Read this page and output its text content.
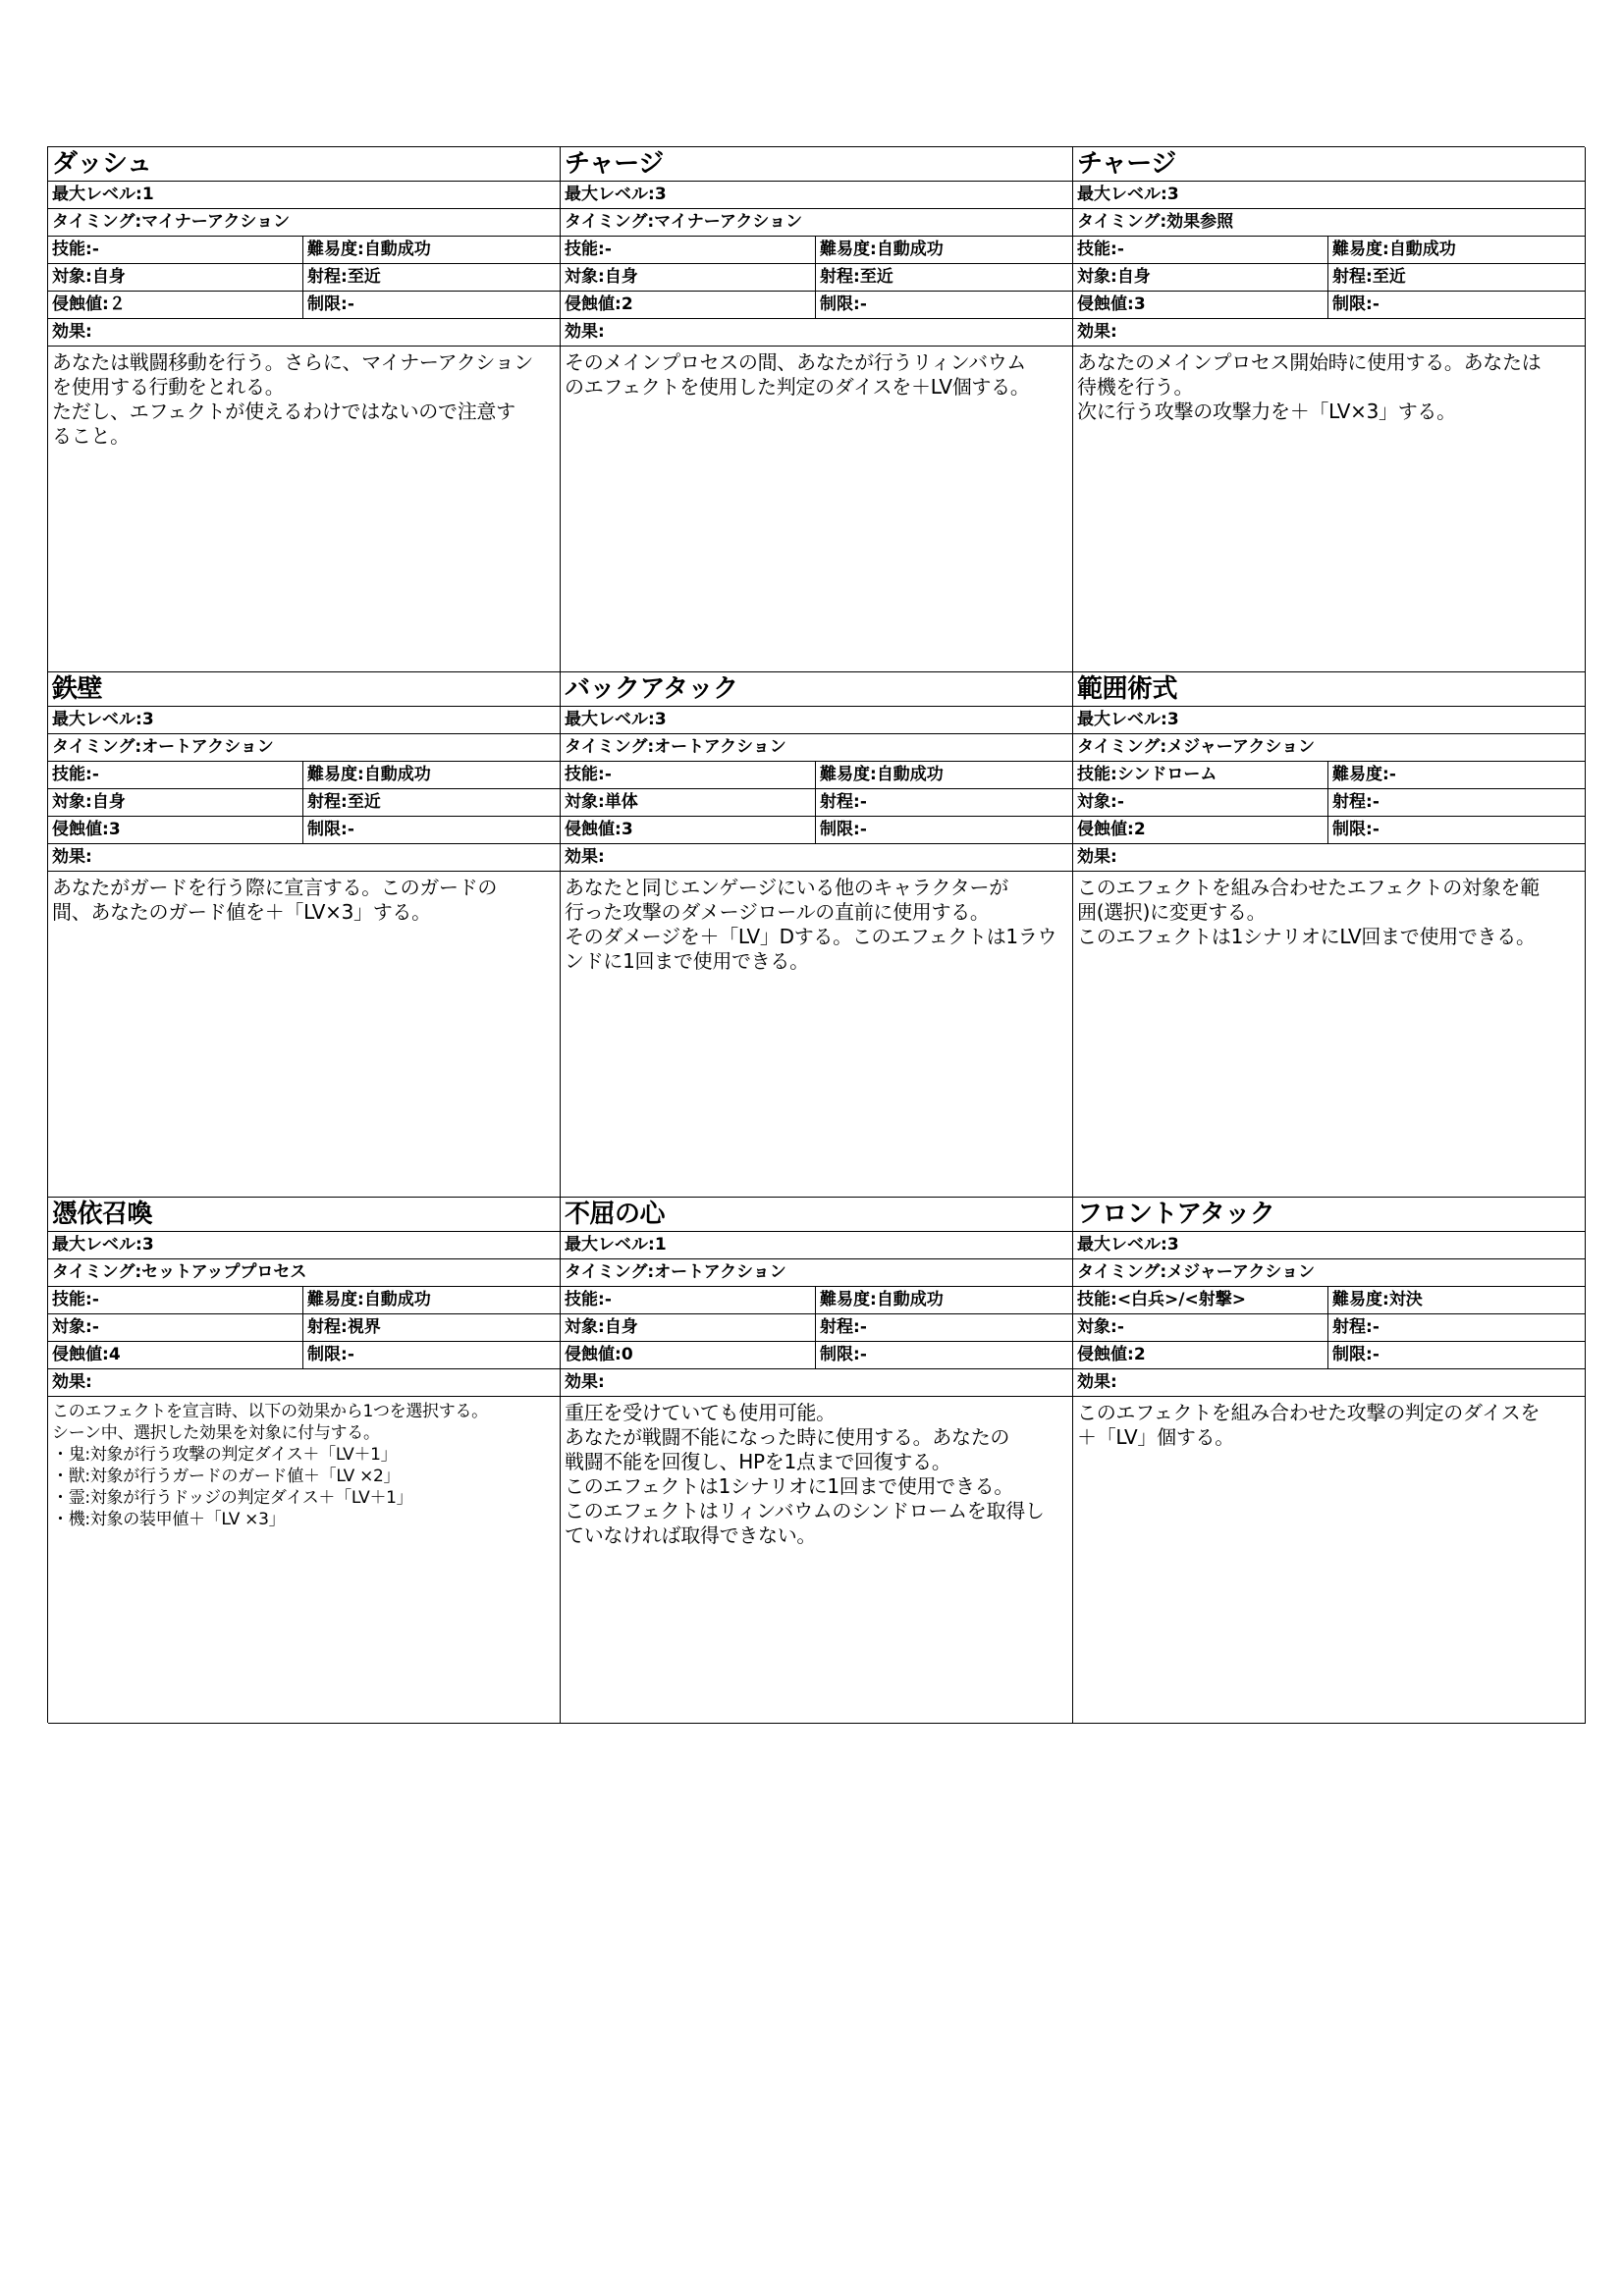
ダッシュ
最大レベル:1
タイミング:マイナーアクション
技能:-	難易度:自動成功
対象:自身	射程:至近
侵蝕値:２	制限:-
効果:
あなたは戦闘移動を行う。さらに、マイナーアクション
を使用する行動をとれる。
ただし、エフェクトが使えるわけではないので注意す
ること。
チャージ
最大レベル:3
タイミング:マイナーアクション
技能:-	難易度:自動成功
対象:自身	射程:至近
侵蝕値:2	制限:-
効果:
そのメインプロセスの間、あなたが行うリィンバウム
のエフェクトを使用した判定のダイスを＋LV個する。
チャージ
最大レベル:3
タイミング:効果参照
技能:-	難易度:自動成功
対象:自身	射程:至近
侵蝕値:3	制限:-
効果:
あなたのメインプロセス開始時に使用する。あなたは
待機を行う。
次に行う攻撃の攻撃力を＋「LV×3」する。
鉄壁
最大レベル:3
タイミング:オートアクション
技能:-	難易度:自動成功
対象:自身	射程:至近
侵蝕値:3	制限:-
効果:
あなたがガードを行う際に宣言する。このガードの
間、あなたのガード値を＋「LV×3」する。
バックアタック
最大レベル:3
タイミング:オートアクション
技能:-	難易度:自動成功
対象:単体	射程:-
侵蝕値:3	制限:-
効果:
あなたと同じエンゲージにいる他のキャラクターが
行った攻撃のダメージロールの直前に使用する。
そのダメージを＋「LV」Dする。このエフェクトは1ラウ
ンドに1回まで使用できる。
範囲術式
最大レベル:3
タイミング:メジャーアクション
技能:シンドローム	難易度:-
対象:-	射程:-
侵蝕値:2	制限:-
効果:
このエフェクトを組み合わせたエフェクトの対象を範
囲(選択)に変更する。
このエフェクトは1シナリオにLV回まで使用できる。
憑依召喚
最大レベル:3
タイミング:セットアッププロセス
技能:-	難易度:自動成功
対象:-	射程:視界
侵蝕値:4	制限:-
効果:
このエフェクトを宣言時、以下の効果から1つを選択する。
シーン中、選択した効果を対象に付与する。
・鬼:対象が行う攻撃の判定ダイス＋「LV＋1」
・獣:対象が行うガードのガード値＋「LV ×2」
・霊:対象が行うドッジの判定ダイス＋「LV＋1」
・機:対象の装甲値＋「LV ×3」
不屈の心
最大レベル:1
タイミング:オートアクション
技能:-	難易度:自動成功
対象:自身	射程:-
侵蝕値:0	制限:-
効果:
重圧を受けていても使用可能。
あなたが戦闘不能になった時に使用する。あなたの
戦闘不能を回復し、HPを1点まで回復する。
このエフェクトは1シナリオに1回まで使用できる。
このエフェクトはリィンバウムのシンドロームを取得し
ていなければ取得できない。
フロントアタック
最大レベル:3
タイミング:メジャーアクション
技能:<白兵>/<射撃>	難易度:対決
対象:-	射程:-
侵蝕値:2	制限:-
効果:
このエフェクトを組み合わせた攻撃の判定のダイスを
＋「LV」個する。
